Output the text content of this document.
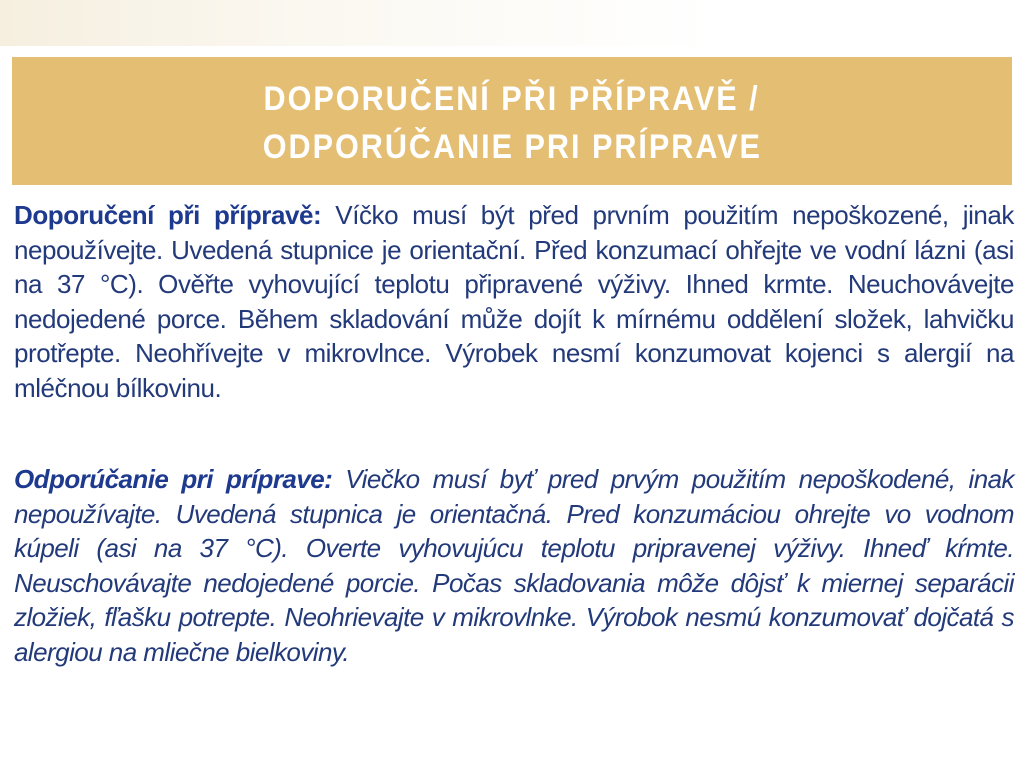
DOPORUČENÍ PŘI PŘÍPRAVĚ /
ODPORÚČANIE PRI PRÍPRAVE

Doporučení při přípravě: Víčko musí být před prvním použitím nepoškozené, jinak nepoužívejte. Uvedená stupnice je orientační. Před konzumací ohřejte ve vodní lázni (asi na 37 °C). Ověřte vyhovující teplotu připravené výživy. Ihned krmte. Neuchovávejte nedojedené porce. Během skladování může dojít k mírnému oddělení složek, lahvičku protřepte. Neohřívejte v mikrovlnce. Výrobek nesmí konzumovat kojenci s alergií na mléčnou bílkovinu.

Odporúčanie pri príprave: Viečko musí byť pred prvým použitím nepoškodené, inak nepoužívajte. Uvedená stupnica je orientačná. Pred konzumáciou ohrejte vo vodnom kúpeli (asi na 37 °C). Overte vyhovujúcu teplotu pripravenej výživy. Ihneď kŕmte. Neuschovávajte nedojedené porcie. Počas skladovania môže dôjsť k miernej separácii zložiek, fľašku potrepte. Neohrievajte v mikrovlnke. Výrobok nesmú konzumovať dojčatá s alergiou na mliečne bielkoviny.
